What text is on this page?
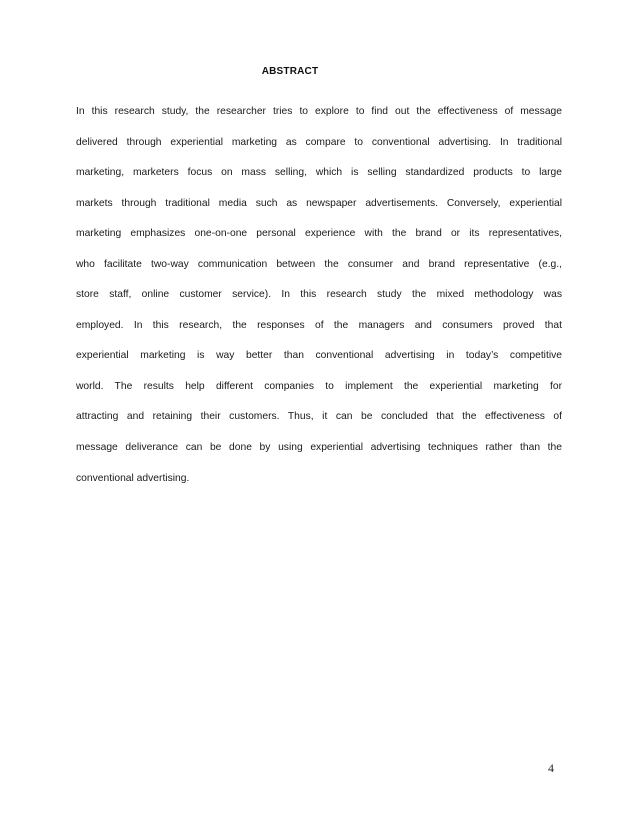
ABSTRACT
In this research study, the researcher tries to explore to find out the effectiveness of message
delivered through experiential marketing as compare to conventional advertising. In traditional
marketing, marketers focus on mass selling, which is selling standardized products to large
markets through traditional media such as newspaper advertisements. Conversely, experiential
marketing emphasizes one-on-one personal experience with the brand or its representatives,
who facilitate two-way communication between the consumer and brand representative (e.g.,
store staff, online customer service). In this research study the mixed methodology was
employed. In this research, the responses of the managers and consumers proved that
experiential marketing is way better than conventional advertising in today’s competitive
world. The results help different companies to implement the experiential marketing for
attracting and retaining their customers. Thus, it can be concluded that the effectiveness of
message deliverance can be done by using experiential advertising techniques rather than the
conventional advertising.
4
